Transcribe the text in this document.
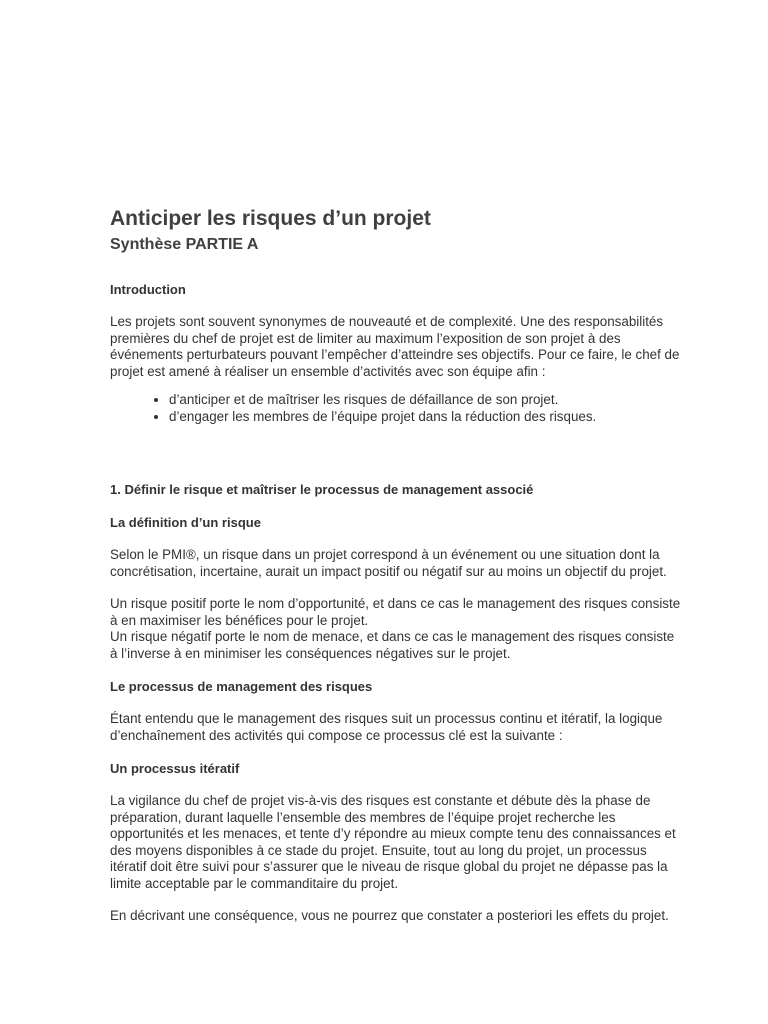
Anticiper les risques d’un projet
Synthèse PARTIE A
Introduction

Les projets sont souvent synonymes de nouveauté et de complexité. Une des responsabilités premières du chef de projet est de limiter au maximum l’exposition de son projet à des événements perturbateurs pouvant l’empêcher d’atteindre ses objectifs. Pour ce faire, le chef de projet est amené à réaliser un ensemble d’activités avec son équipe afin :

• d’anticiper et de maîtriser les risques de défaillance de son projet.
• d’engager les membres de l’équipe projet dans la réduction des risques.
1. Définir le risque et maîtriser le processus de management associé
La définition d’un risque

Selon le PMI®, un risque dans un projet correspond à un événement ou une situation dont la concrétisation, incertaine, aurait un impact positif ou négatif sur au moins un objectif du projet.

Un risque positif porte le nom d’opportunité, et dans ce cas le management des risques consiste à en maximiser les bénéfices pour le projet.

Un risque négatif porte le nom de menace, et dans ce cas le management des risques consiste à l’inverse à en minimiser les conséquences négatives sur le projet.

Le processus de management des risques

Étant entendu que le management des risques suit un processus continu et itératif, la logique d’enchaînement des activités qui compose ce processus clé est la suivante :

Un processus itératif

La vigilance du chef de projet vis-à-vis des risques est constante et débute dès la phase de préparation, durant laquelle l’ensemble des membres de l’équipe projet recherche les opportunités et les menaces, et tente d’y répondre au mieux compte tenu des connaissances et des moyens disponibles à ce stade du projet. Ensuite, tout au long du projet, un processus itératif doit être suivi pour s’assurer que le niveau de risque global du projet ne dépasse pas la limite acceptable par le commanditaire du projet.

En décrivant une conséquence, vous ne pourrez que constater a posteriori les effets du projet.
